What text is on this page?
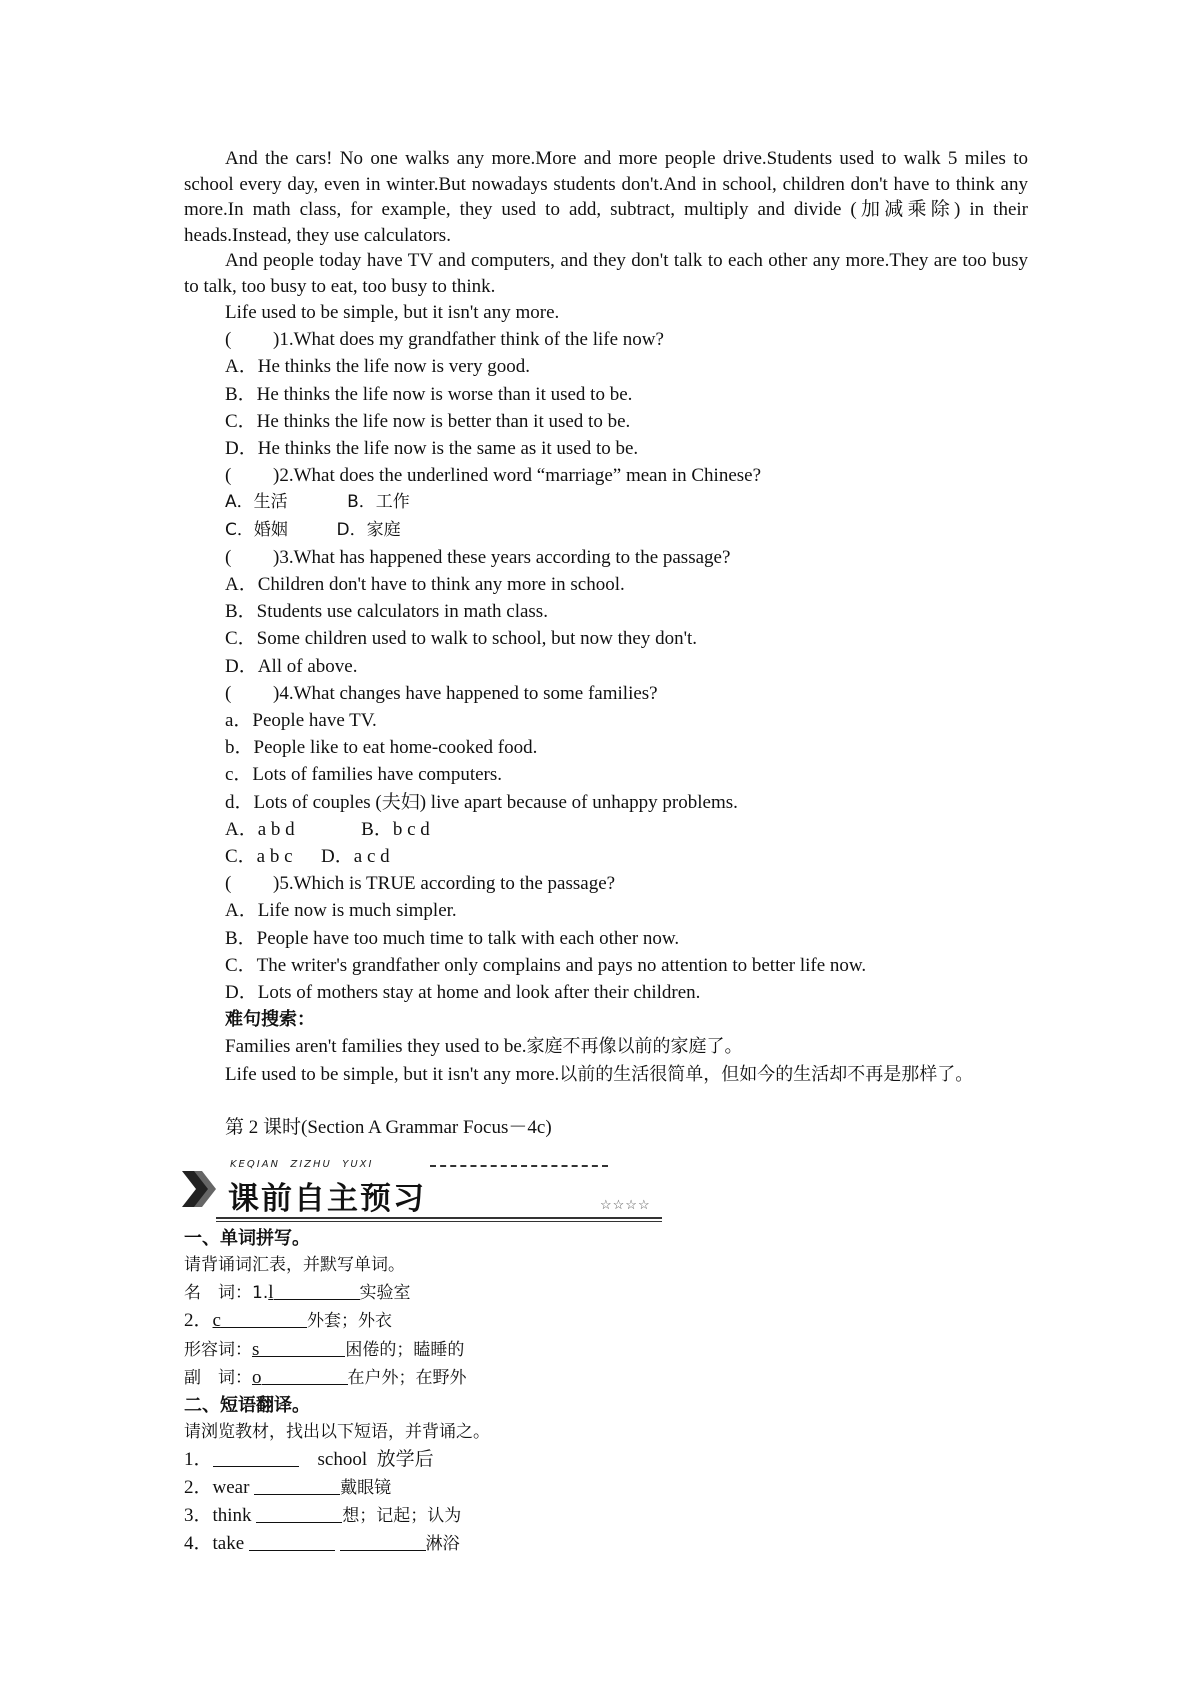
And the cars! No one walks any more.More and more people drive.Students used to walk 5 miles to school every day, even in winter.But nowadays students don't.And in school, children don't have to think any more.In math class, for example, they used to add, subtract, multiply and divide (加减乘除) in their heads.Instead, they use calculators.

And people today have TV and computers, and they don't talk to each other any more.They are too busy to talk, too busy to eat, too busy to think.

Life used to be simple, but it isn't any more.

( )1.What does my grandfather think of the life now?

A．He thinks the life now is very good.

B．He thinks the life now is worse than it used to be.

C．He thinks the life now is better than it used to be.

D．He thinks the life now is the same as it used to be.

( )2.What does the underlined word “marriage” mean in Chinese?

A．生活           B．工作

C．婚姻         D．家庭

( )3.What has happened these years according to the passage?

A．Children don't have to think any more in school.

B．Students use calculators in math class.

C．Some children used to walk to school, but now they don't.

D．All of above.

( )4.What changes have happened to some families?

a．People have TV.

b．People like to eat home-cooked food.

c．Lots of families have computers.

d．Lots of couples (夫妇) live apart because of unhappy problems.

A．a b d              B．b c d

C．a b c      D．a c d

( )5.Which is TRUE according to the passage?

A．Life now is much simpler.

B．People have too much time to talk with each other now.

C．The writer's grandfather only complains and pays no attention to better life now.

D．Lots of mothers stay at home and look after their children.

难句搜索：

Families aren't families they used to be.家庭不再像以前的家庭了。

Life used to be simple, but it isn't any more.以前的生活很简单，但如今的生活却不再是那样了。

第 2 课时(Section A Grammar Focus－4c)

KEQIAN  ZIZHU  YUXI
课前自主预习	☆☆☆☆

一、单词拼写。

请背诵词汇表，并默写单词。

名　词：1.l	实验室

2．c	外套；外衣

形容词：s	困倦的；瞌睡的

副　词：o	在户外；在野外

二、短语翻译。

请浏览教材，找出以下短语，并背诵之。

1．	　school  放学后

2．wear	戴眼镜

3．think	想；记起；认为

4．take	淋浴
